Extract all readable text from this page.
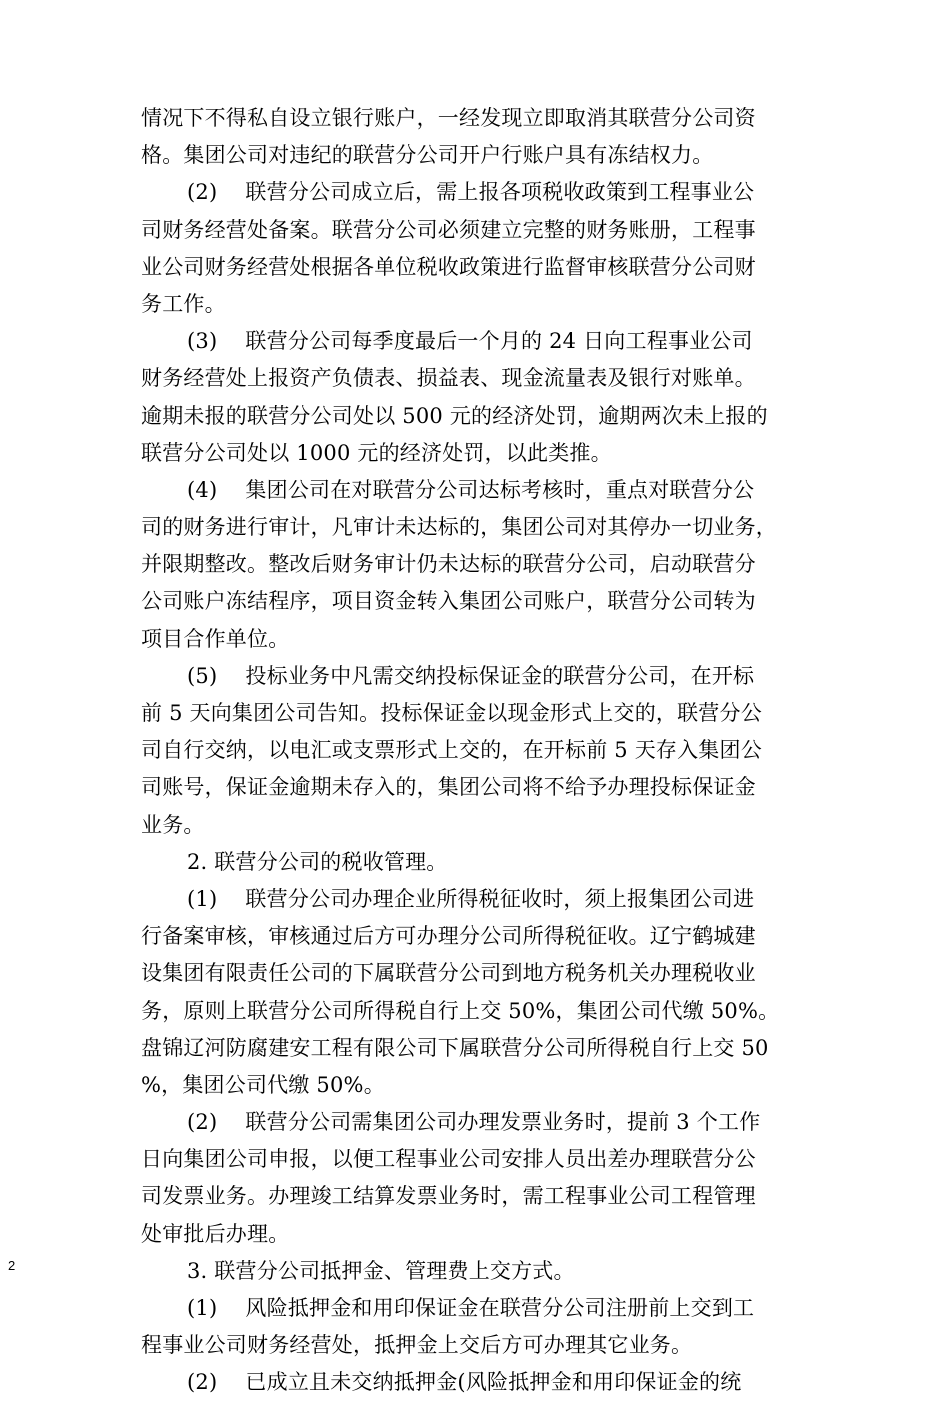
情况下不得私自设立银行账户，一经发现立即取消其联营分公司资
格。集团公司对违纪的联营分公司开户行账户具有冻结权力。
(2)　 联营分公司成立后，需上报各项税收政策到工程事业公
司财务经营处备案。联营分公司必须建立完整的财务账册，工程事
业公司财务经营处根据各单位税收政策进行监督审核联营分公司财
务工作。
(3)　 联营分公司每季度最后一个月的 24 日向工程事业公司
财务经营处上报资产负债表、损益表、现金流量表及银行对账单。
逾期未报的联营分公司处以 500 元的经济处罚，逾期两次未上报的
联营分公司处以 1000 元的经济处罚，以此类推。
(4)　 集团公司在对联营分公司达标考核时，重点对联营分公
司的财务进行审计，凡审计未达标的，集团公司对其停办一切业务，
并限期整改。整改后财务审计仍未达标的联营分公司，启动联营分
公司账户冻结程序，项目资金转入集团公司账户，联营分公司转为
项目合作单位。
(5)　 投标业务中凡需交纳投标保证金的联营分公司，在开标
前 5 天向集团公司告知。投标保证金以现金形式上交的，联营分公
司自行交纳，以电汇或支票形式上交的，在开标前 5 天存入集团公
司账号，保证金逾期未存入的，集团公司将不给予办理投标保证金
业务。
2. 联营分公司的税收管理。
(1)　 联营分公司办理企业所得税征收时，须上报集团公司进
行备案审核，审核通过后方可办理分公司所得税征收。辽宁鹤城建
设集团有限责任公司的下属联营分公司到地方税务机关办理税收业
务，原则上联营分公司所得税自行上交 50%，集团公司代缴 50%。
盘锦辽河防腐建安工程有限公司下属联营分公司所得税自行上交 50
%，集团公司代缴 50%。
(2)　 联营分公司需集团公司办理发票业务时，提前 3 个工作
日向集团公司申报，以便工程事业公司安排人员出差办理联营分公
司发票业务。办理竣工结算发票业务时，需工程事业公司工程管理
处审批后办理。
3. 联营分公司抵押金、管理费上交方式。
(1)　 风险抵押金和用印保证金在联营分公司注册前上交到工
程事业公司财务经营处，抵押金上交后方可办理其它业务。
(2)　 已成立且未交纳抵押金(风险抵押金和用印保证金的统
2
